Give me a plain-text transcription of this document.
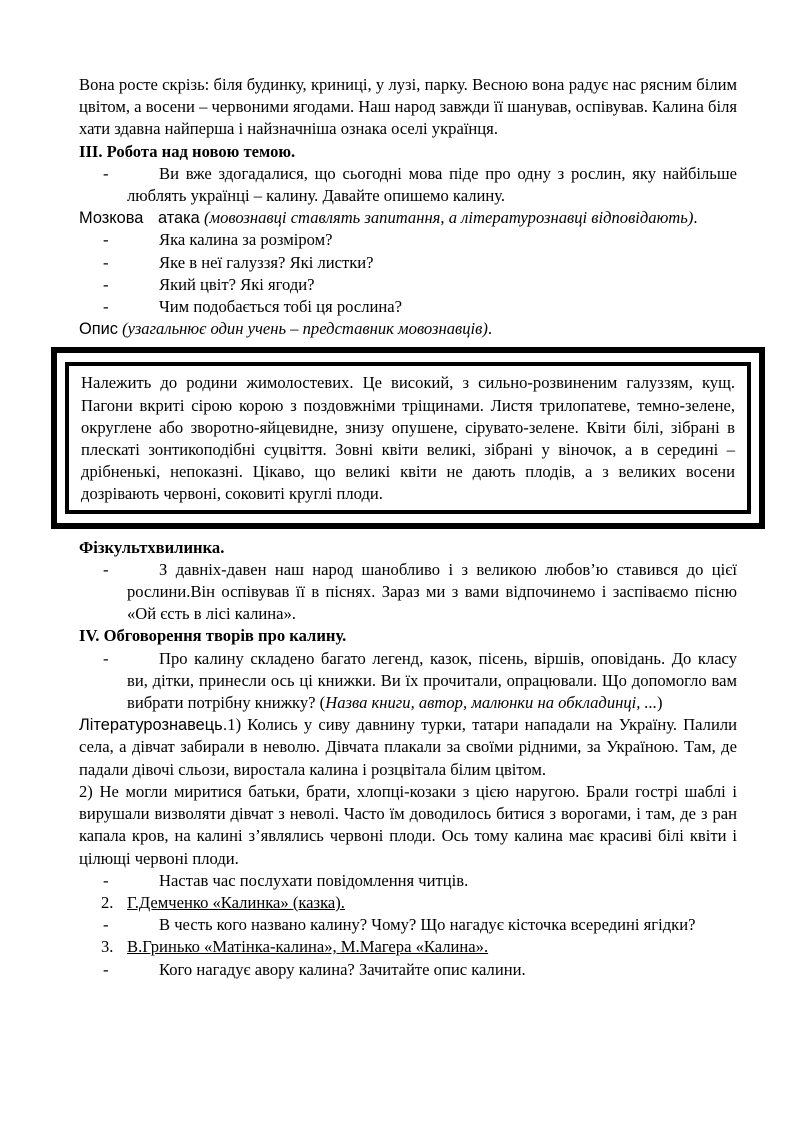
Вона росте скрізь: біля будинку, криниці, у лузі, парку. Весною вона радує нас рясним білим цвітом, а восени – червоними ягодами. Наш народ завжди її шанував, оспівував. Калина біля хати здавна найперша і найзначніша ознака оселі українця.

ІІІ. Робота над новою темою.
-	Ви вже здогадалися, що сьогодні мова піде про одну з рослин, яку найбільше люблять українці – калину. Давайте опишемо калину.
Мозкова атака (мовознавці ставлять запитання, а літературознавці відповідають).
-	Яка калина за розміром?
-	Яке в неї галуззя? Які листки?
-	Який цвіт? Які ягоди?
-	Чим подобається тобі ця рослина?
Опис (узагальнює один учень – представник мовознавців).
Належить до родини жимолостевих. Це високий, з сильно-розвиненим галуззям, кущ. Пагони вкриті сірою корою з поздовжніми тріщинами. Листя трилопатеве, темно-зелене, округлене або зворотно-яйцевидне, знизу опушене, сірувато-зелене. Квіти білі, зібрані в плескаті зонтикоподібні суцвіття. Зовні квіти великі, зібрані у віночок, а в середині – дрібненькі, непоказні. Цікаво, що великі квіти не дають плодів, а з великих восени дозрівають червоні, соковиті круглі плоди.
Фізкультхвилинка.
-	З давніх-давен наш народ шанобливо і з великою любов’ю ставився до цієї рослини.Він оспівував її в піснях. Зараз ми з вами відпочинемо і заспіваємо пісню «Ой єсть в лісі калина».
IV. Обговорення творів про калину.
-	Про калину складено багато легенд, казок, пісень, віршів, оповідань. До класу ви, дітки, принесли ось ці книжки. Ви їх прочитали, опрацювали. Що допомогло вам вибрати потрібну книжку? (Назва книги, автор, малюнки на обкладинці, ...)

Літературознавець.1) Колись у сиву давнину турки, татари нападали на Україну. Палили села, а дівчат забирали в неволю. Дівчата плакали за своїми рідними, за Україною. Там, де падали дівочі сльози, виростала калина і розцвітала білим цвітом.

2) Не могли миритися батьки, брати, хлопці-козаки з цією наругою. Брали гострі шаблі і вирушали визволяти дівчат з неволі. Часто їм доводилось битися з ворогами, і там, де з ран капала кров, на калині з’являлись червоні плоди. Ось тому калина має красиві білі квіти і цілющі червоні плоди.

-	Настав час послухати повідомлення читців.
2. Г.Демченко «Калинка» (казка).
-	В честь кого названо калину? Чому? Що нагадує кісточка всередині ягідки?
3. В.Гринько «Матінка-калина», М.Магера «Калина».
-	Кого нагадує авору калина? Зачитайте опис калини.
